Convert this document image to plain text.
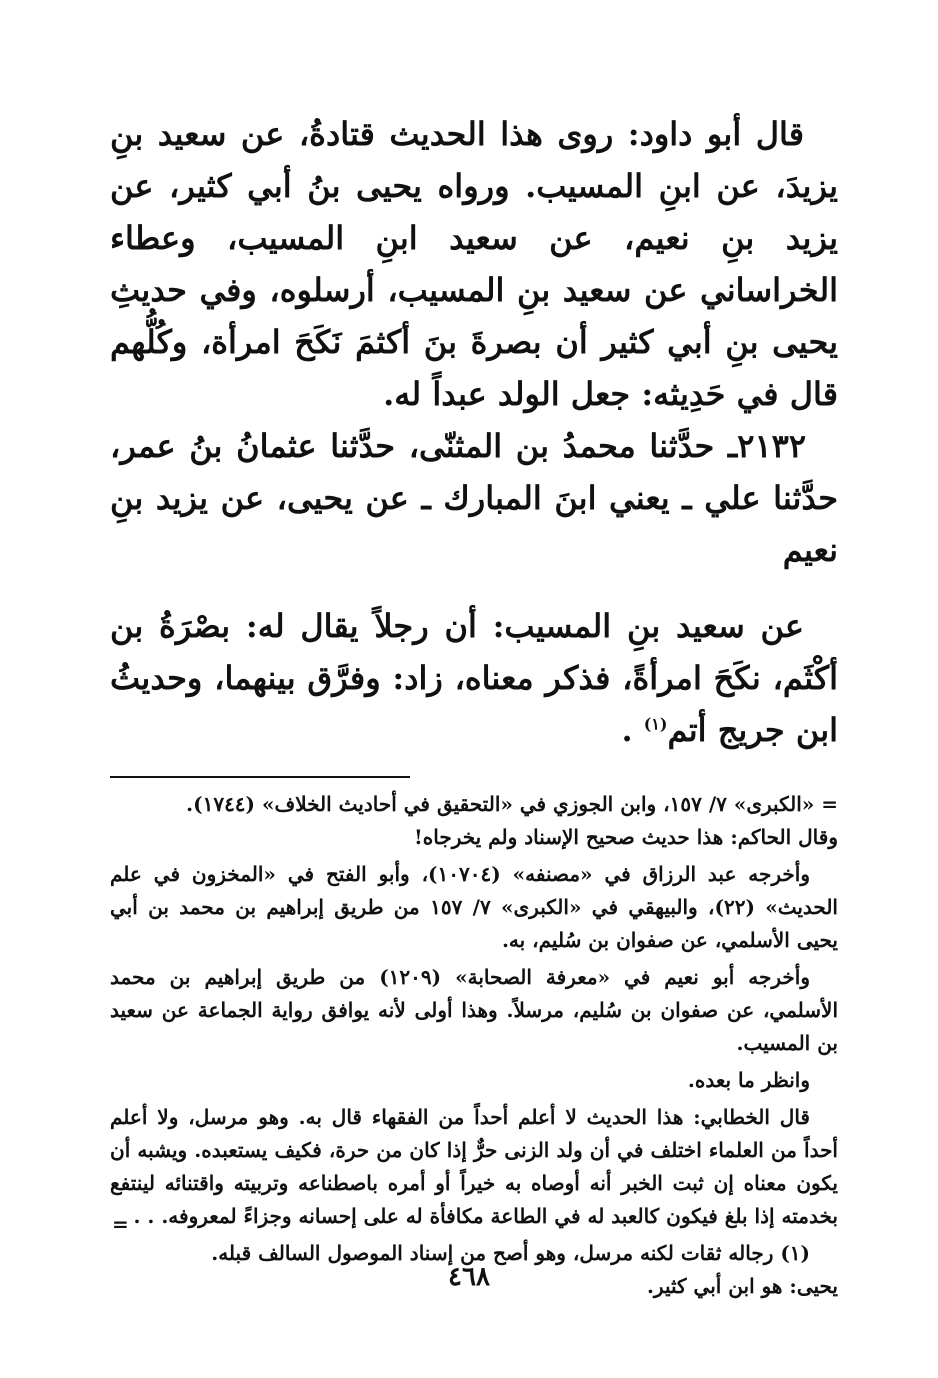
قال أبو داود: روى هذا الحديث قتادةُ، عن سعيد بنِ يزيدَ، عن ابنِ المسيب. ورواه يحيى بنُ أبي كثير، عن يزيد بنِ نعيم، عن سعيد ابنِ المسيب، وعطاء الخراساني عن سعيد بنِ المسيب، أرسلوه، وفي حديثِ يحيى بنِ أبي كثير أن بصرةَ بنَ أكثمَ نَكَحَ امرأة، وكُلُّهم قال في حَدِيثه: جعل الولد عبداً له.

٢١٣٢ـ حدَّثنا محمدُ بن المثنّى، حدَّثنا عثمانُ بنُ عمر، حدَّثنا علي ـ يعني ابنَ المبارك ـ عن يحيى، عن يزيد بنِ نعيم

عن سعيد بنِ المسيب: أن رجلاً يقال له: بصْرَةُ بن أكْثَم، نكَحَ امرأةً، فذكر معناه، زاد: وفرَّق بينهما، وحديثُ ابن جريج أتم$^{(١)}$ .

= «الكبرى» ٧/ ١٥٧، وابن الجوزي في «التحقيق في أحاديث الخلاف» (١٧٤٤).

وقال الحاكم: هذا حديث صحيح الإسناد ولم يخرجاه!

وأخرجه عبد الرزاق في «مصنفه» (١٠٧٠٤)، وأبو الفتح في «المخزون في علم الحديث» (٢٢)، والبيهقي في «الكبرى» ٧/ ١٥٧ من طريق إبراهيم بن محمد بن أبي يحيى الأسلمي، عن صفوان بن سُليم، به.

وأخرجه أبو نعيم في «معرفة الصحابة» (١٢٠٩) من طريق إبراهيم بن محمد الأسلمي، عن صفوان بن سُليم، مرسلاً. وهذا أولى لأنه يوافق رواية الجماعة عن سعيد بن المسيب.

وانظر ما بعده.

قال الخطابي: هذا الحديث لا أعلم أحداً من الفقهاء قال به. وهو مرسل، ولا أعلم أحداً من العلماء اختلف في أن ولد الزنى حرٌّ إذا كان من حرة، فكيف يستعبده. ويشبه أن يكون معناه إن ثبت الخبر أنه أوصاه به خيراً أو أمره باصطناعه وتربيته واقتنائه لينتفع بخدمته إذا بلغ فيكون كالعبد له في الطاعة مكافأة له على إحسانه وجزاءً لمعروفه. . .

(١) رجاله ثقات لكنه مرسل، وهو أصح من إسناد الموصول السالف قبله.

يحيى: هو ابن أبي كثير.

=
٤٦٨
